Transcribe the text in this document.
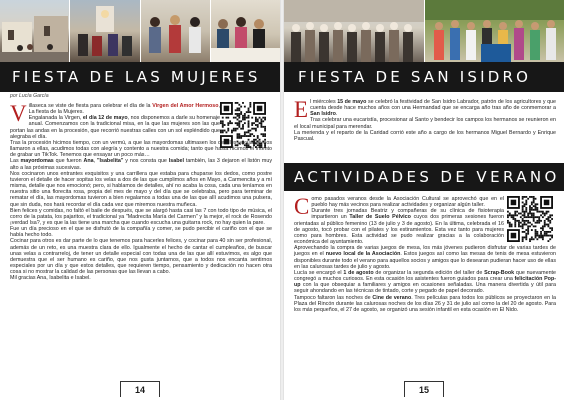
FIESTA DE LAS MUJERES
por Lucía García
V illaseca se viste de fiesta para celebrar el día de la Virgen del Amor Hermoso, La fiesta de la Mujeres.

Engalanada la Virgen, el día 12 de mayo, nos disponemos a darle su homenaje anual. Comenzamos con la tradicional misa, en la que las mujeres son las que portan las andas en la procesión, que recorrió nuestras calles con un sol espléndido que alegraba el día.

Tras la procesión hicimos tiempo, con un vermú, a que las mayordomas ultimasen los detalles, y cuando nos llamaron a ellas, acudimos todas con alegría y contento a nuestra comida; tanto que hasta hicimos el intento de grabar un TikTok. Tenemos que ensayar un poco más…

Las mayordomas que fueron Ana, "Isabelita" y nos consta que Isabel también, las 3 dejaron el listón muy alto a las próximas sucesivas.

Nos cocinaron unos entrantes exquisitos y una carrillera que estaba para chuparse los dedos, como postre tuvieron el detalle de hacer sopitas los velas a dos de las que cumplimos años en Mayo, a Carmencita y a mí misma, detalle que nos emocionó; pero, si hablamos de detalles, ahí no acaba la cosa, cada una teníamos en nuestra sitio una florecita rosa, propia del mes de mayo y del día que se celebraba, pero para terminar de rematar el día, las mayordomas tuvieron a bien regalarnos a todas una de las que allí acudimos una pulsera, que sin duda, nos hará recordar el día cada vez que miremos nuestra muñeca.

Bien felices y comidas, no faltó el baile de después, que se alargó hasta casi las 7 con todo tipo de música, el corro de la patata, los pajaritos, el tradicional ya "Madrecita María del Carmen" y la mejor, el rock de Rosendo ¡verdad Isa?, y es que la las tiene una marcha que cuando escucha una guitarra rock, no hay quien la pare.

Fue un día precioso en el que se disfrutó de la compañía y comer, se pudo percibir el cariño con el que se había hecho todo.

Cocinar para otros es dar parte de lo que tenemos para hacerles felices, y cocinar para 40 sin ser profesional, además de un reto, es una muestra clara de ello. Igualmente el hecho de cantar el cumpleaños, de buscar unas velas a contrarreloj, de tener un detalle especial con todas una de las que allí estuvimos, es algo que demuestra que el ser humano es cariño, que nos gusta juntarnos, que a todos nos encanta sentirnos especiales por un día y que estos detalles, que requieren tiempo, pensamiento y dedicación no hacen otra cosa si no mostrar la calidad de las personas que las llevan a cabo.

Mil gracias Ana, Isabelita e Isabel.

14
FIESTA DE SAN ISIDRO
E l miércoles 15 de mayo se celebró la festividad de San Isidro Labrador, patrón de los agricultores y que cuenta desde hace muchos años con una Hermandad que se encarga año tras año de conmemorar a San Isidro.

Tras celebrar una eucaristía, procesionar al Santo y bendecir los campos los hermanos se reunieron en el local municipal para merendar.

La merienda y el reparto de la Caridad corrió este año a cargo de los hermanos Miguel Bernardo y Enrique Pascual.

ACTIVIDADES DE VERANO
C omo pasados veranos desde la Asociación Cultural se aprovechó que en el pueblo hay más vecinos para realizar actividades y organizar algún taller.

Durante tres jornadas Beatriz y compañeras de su clínica de fisioterapia impartieron un Taller de Suelo Pélvico cuyos dos primeras sesiones fueron orientadas al público femenino (13 de julio y 3 de agosto). En la última, celebrada el 16 de agosto, tocó probar con el pilates y los estiramientos. Esta vez tanto para mujeres como para hombres. Esta actividad se pudo realizar gracias a la colaboración económica del ayuntamiento.

Aprovechando la compra de varias juegos de mesa, los más jóvenes pudieron disfrutar de varias tardes de juegos en el nuevo local de la Asociación. Estos juegos así como las mesas de tenis de mesa estuvieron disponibles durante todo el verano para aquellos socios y amigos que lo desearan pudieran hacer uso de ellas en las calurosas tardes de julio y agosto.

Lucía se encargó el 1 de agosto de organizar la segunda edición del taller de Scrap-Book que nuevamente congregó a muchos curiosos. En esta ocasión los asistentes fueron guiados para crear una felicitación Pop-up con la que obsequiar a familiares y amigos en ocasiones señaladas. Una manera divertida y útil para seguir ahondando en las técnicas de tintado, corte y pegado de papel decorado.

Tampoco faltaron las noches de Cine de verano. Tres películas para todos los públicos se proyectaron en la Plaza del Rincón durante las calurosas noches de los días 26 y 31 de julio así como la del 20 de agosto. Para los más pequeños, el 27 de agosto, se organizó una sesión infantil en esta ocasión en El Nido.

15
